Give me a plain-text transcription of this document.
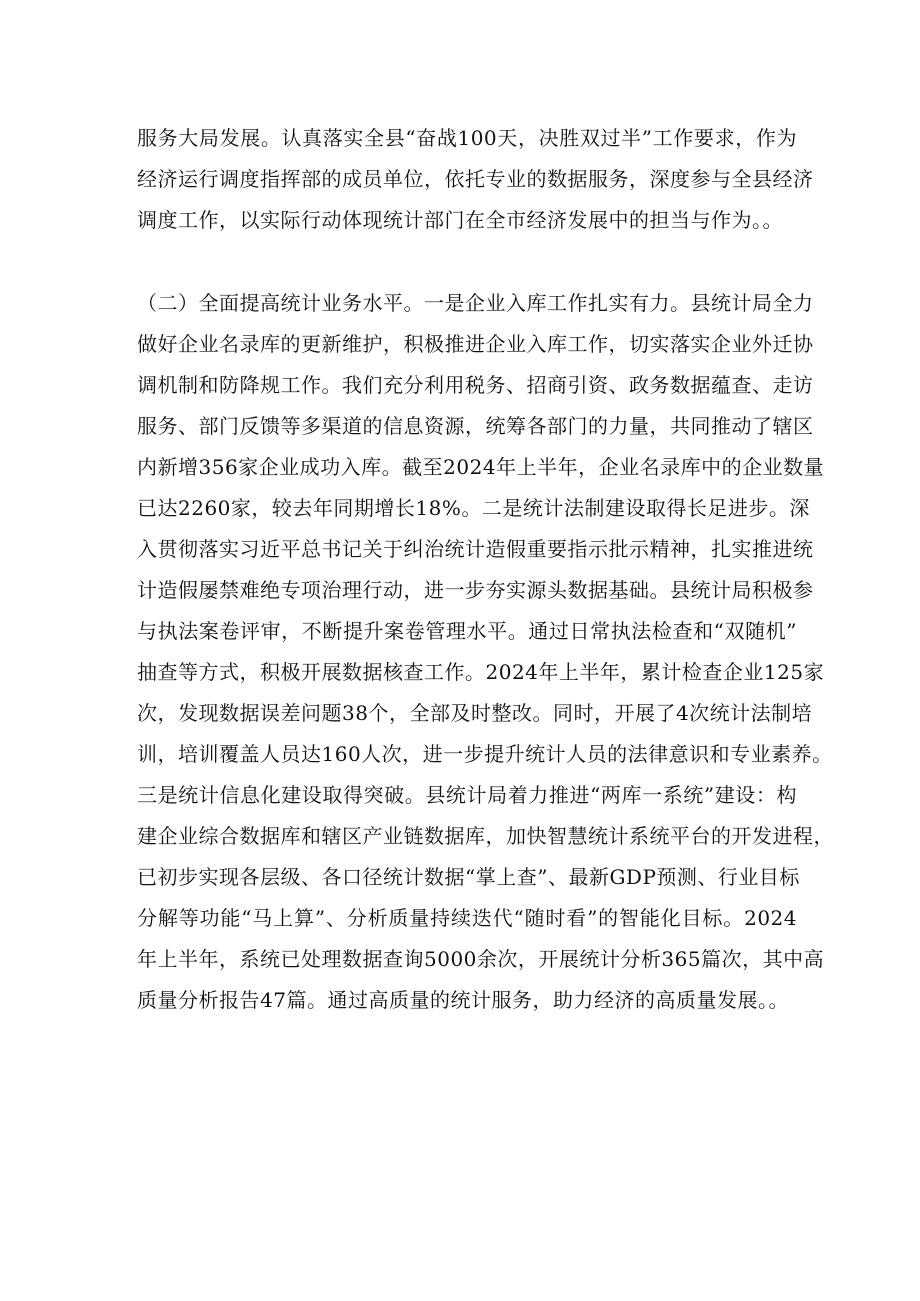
服务大局发展。认真落实全县“奋战100天，决胜双过半”工作要求，作为
经济运行调度指挥部的成员单位，依托专业的数据服务，深度参与全县经济
调度工作，以实际行动体现统计部门在全市经济发展中的担当与作为。。
（二）全面提高统计业务水平。一是企业入库工作扎实有力。县统计局全力
做好企业名录库的更新维护，积极推进企业入库工作，切实落实企业外迁协
调机制和防降规工作。我们充分利用税务、招商引资、政务数据蕴查、走访
服务、部门反馈等多渠道的信息资源，统筹各部门的力量，共同推动了辖区
内新增356家企业成功入库。截至2024年上半年，企业名录库中的企业数量
已达2260家，较去年同期增长18%。二是统计法制建设取得长足进步。深
入贯彻落实习近平总书记关于纠治统计造假重要指示批示精神，扎实推进统
计造假屡禁难绝专项治理行动，进一步夯实源头数据基础。县统计局积极参
与执法案卷评审，不断提升案卷管理水平。通过日常执法检查和“双随机”
抽查等方式，积极开展数据核查工作。2024年上半年，累计检查企业125家
次，发现数据误差问题38个，全部及时整改。同时，开展了4次统计法制培
训，培训覆盖人员达160人次，进一步提升统计人员的法律意识和专业素养。
三是统计信息化建设取得突破。县统计局着力推进“两库一系统”建设：构
建企业综合数据库和辖区产业链数据库，加快智慧统计系统平台的开发进程，
已初步实现各层级、各口径统计数据“掌上查”、最新GDP预测、行业目标
分解等功能“马上算”、分析质量持续迭代“随时看”的智能化目标。2024
年上半年，系统已处理数据查询5000余次，开展统计分析365篇次，其中高
质量分析报告47篇。通过高质量的统计服务，助力经济的高质量发展。。
